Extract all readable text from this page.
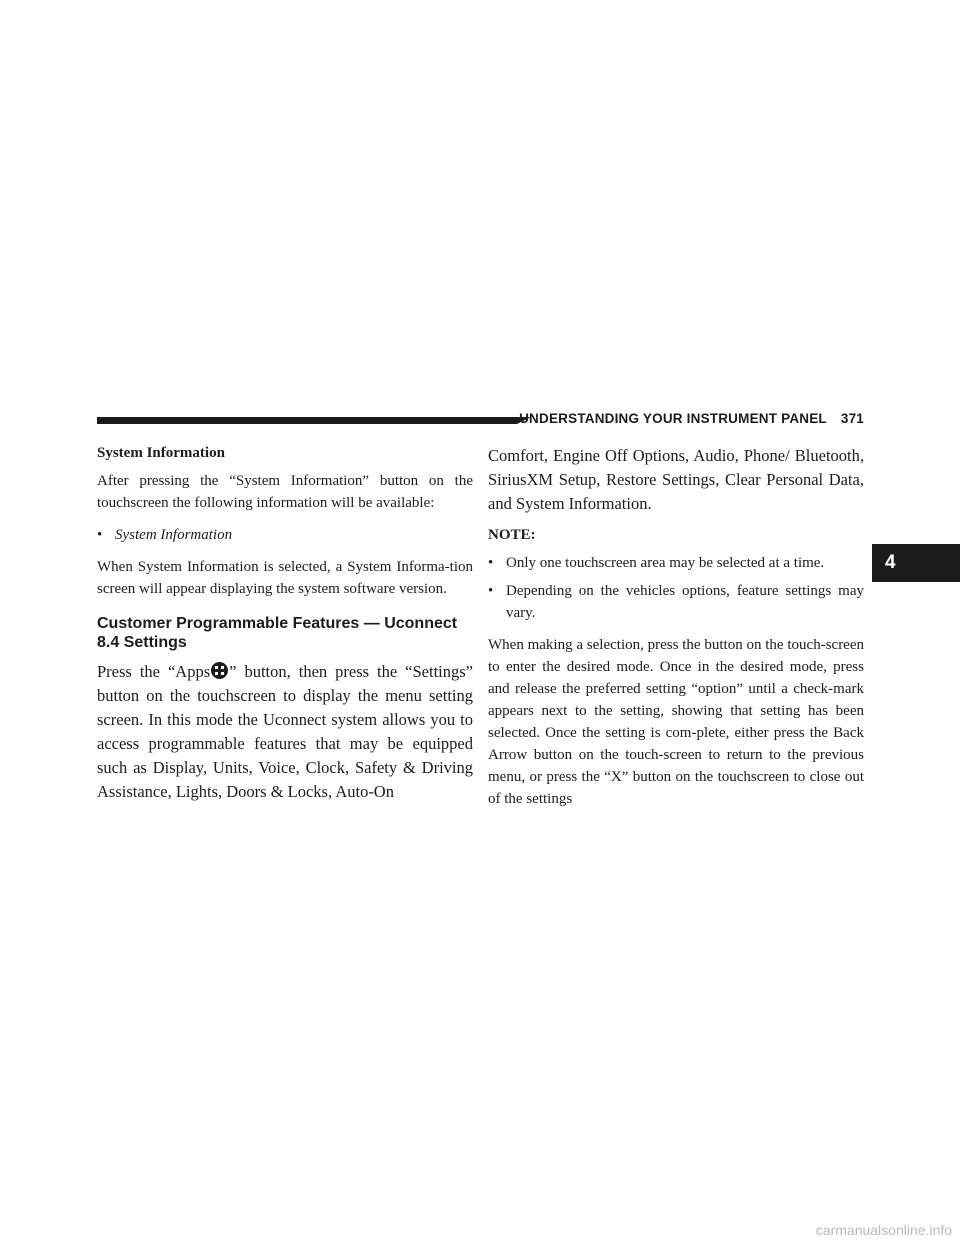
UNDERSTANDING YOUR INSTRUMENT PANEL 371
4
System Information

After pressing the “System Information” button on the touchscreen the following information will be available:

• System Information

When System Information is selected, a System Informa-tion screen will appear displaying the system software version.

Customer Programmable Features — Uconnect
8.4 Settings

Press the “Apps ” button, then press the “Settings” button on the touchscreen to display the menu setting screen. In this mode the Uconnect system allows you to access programmable features that may be equipped such as Display, Units, Voice, Clock, Safety & Driving Assistance, Lights, Doors & Locks, Auto-On

Comfort, Engine Off Options, Audio, Phone/ Bluetooth, SiriusXM Setup, Restore Settings, Clear Personal Data, and System Information.

NOTE:
• Only one touchscreen area may be selected at a time.
• Depending on the vehicles options, feature settings may vary.

When making a selection, press the button on the touch-screen to enter the desired mode. Once in the desired mode, press and release the preferred setting “option” until a check-mark appears next to the setting, showing that setting has been selected. Once the setting is com-plete, either press the Back Arrow button on the touch-screen to return to the previous menu, or press the “X” button on the touchscreen to close out of the settings

carmanualsonline.info
